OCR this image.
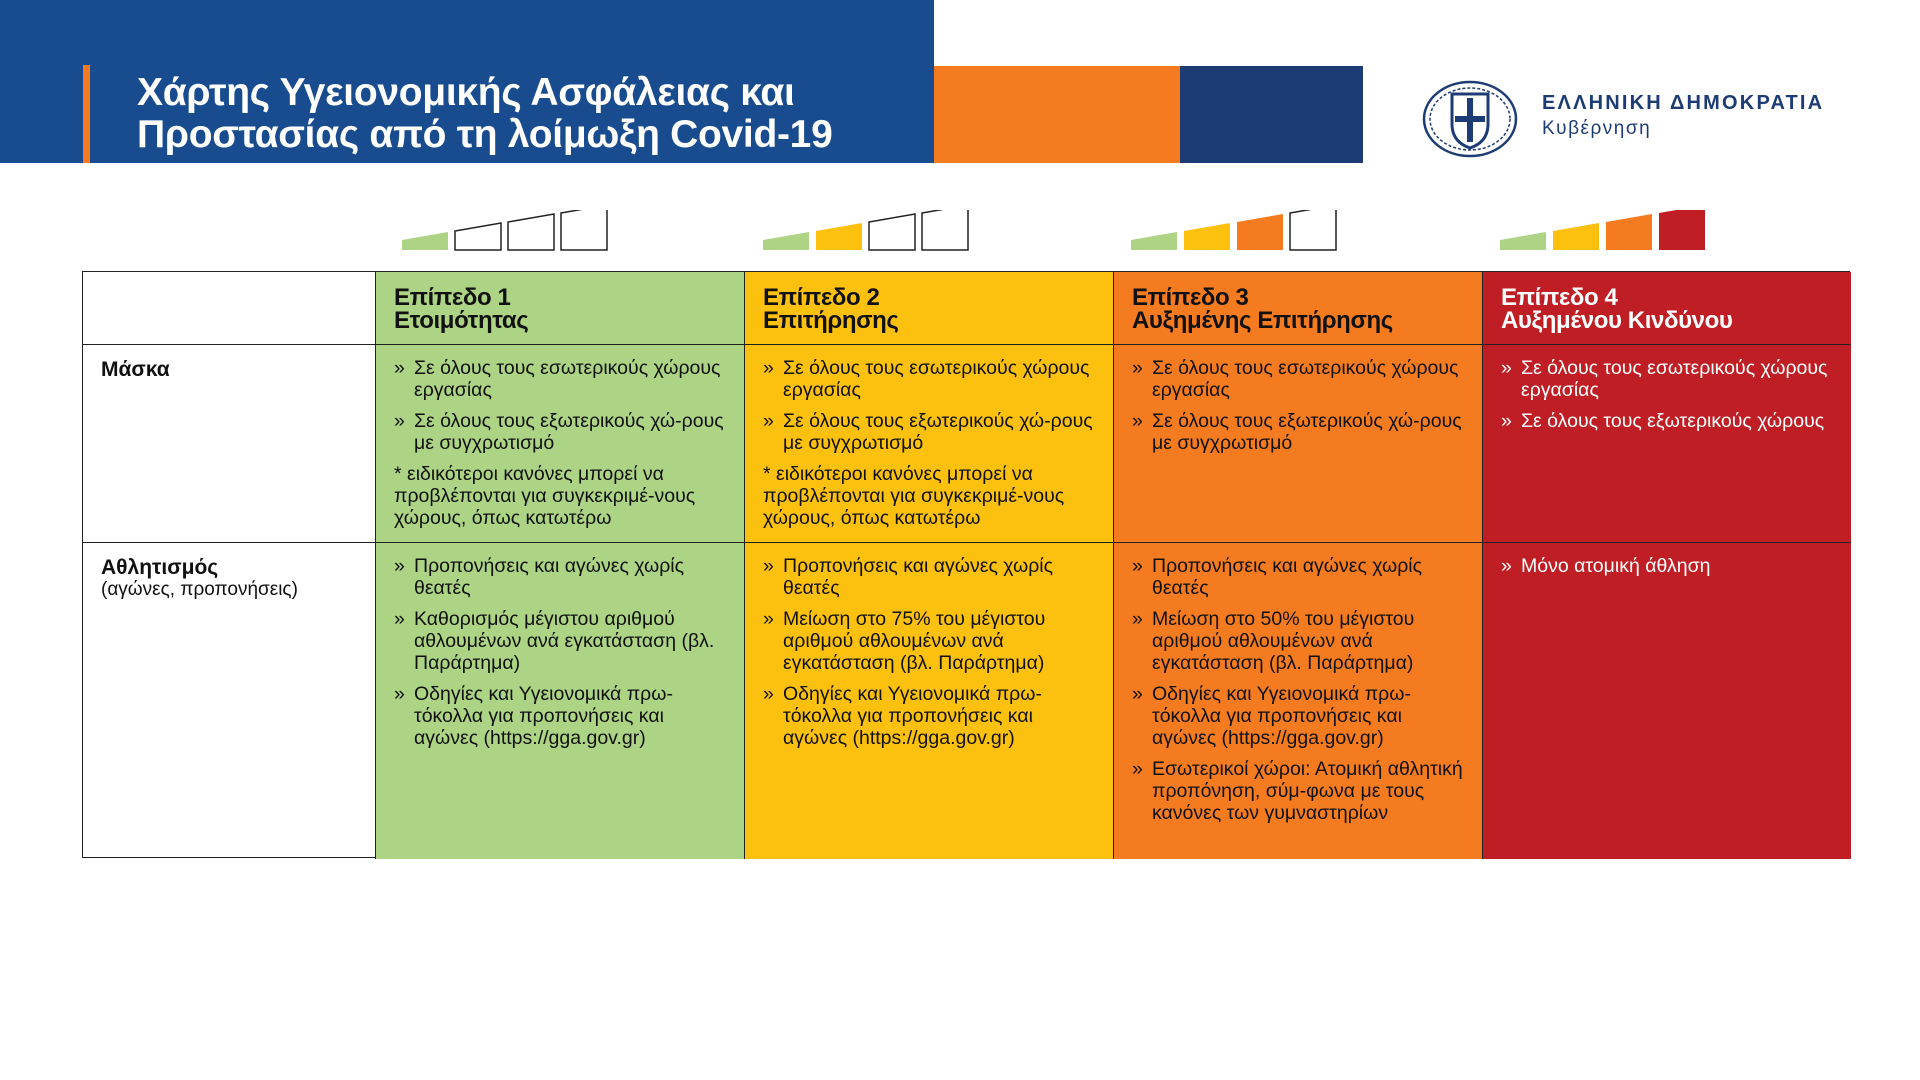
Χάρτης Υγειονομικής Ασφάλειας και
Προστασίας από τη λοίμωξη Covid-19
ΕΛΛΗΝΙΚΗ ΔΗΜΟΚΡΑΤΙΑ
Κυβέρνηση
Επίπεδο 1
Ετοιμότητας
Επίπεδο 2
Επιτήρησης
Επίπεδο 3
Αυξημένης Επιτήρησης
Επίπεδο 4
Αυξημένου Κινδύνου
Μάσκα
»	Σε όλους τους εσωτερικούς χώρους εργασίας
» Σε όλους τους εξωτερικούς χώ-ρους με συγχρωτισμό
* ειδικότεροι κανόνες μπορεί να προβλέπονται για συγκεκριμέ-νους χώρους, όπως κατωτέρω
» Σε όλους τους εσωτερικούς χώρους εργασίας
» Σε όλους τους εξωτερικούς χώ-ρους με συγχρωτισμό
* ειδικότεροι κανόνες μπορεί να προβλέπονται για συγκεκριμέ-νους χώρους, όπως κατωτέρω
» Σε όλους τους εσωτερικούς χώρους εργασίας
» Σε όλους τους εξωτερικούς χώ-ρους με συγχρωτισμό
» Σε όλους τους εσωτερικούς χώρους εργασίας
» Σε όλους τους εξωτερικούς χώρους
Αθλητισμός
(αγώνες, προπονήσεις)
» Προπονήσεις και αγώνες χωρίς θεατές
» Καθορισμός μέγιστου αριθμού αθλουμένων ανά εγκατάσταση (βλ. Παράρτημα)
» Οδηγίες και Υγειονομικά πρω-τόκολλα για προπονήσεις και αγώνες (https://gga.gov.gr)
» Προπονήσεις και αγώνες χωρίς θεατές
» Μείωση στο 75% του μέγιστου αριθμού αθλουμένων ανά εγκατάσταση (βλ. Παράρτημα)
» Οδηγίες και Υγειονομικά πρω-τόκολλα για προπονήσεις και αγώνες (https://gga.gov.gr)
» Προπονήσεις και αγώνες χωρίς θεατές
» Μείωση στο 50% του μέγιστου αριθμού αθλουμένων ανά εγκατάσταση (βλ. Παράρτημα)
» Οδηγίες και Υγειονομικά πρω-τόκολλα για προπονήσεις και αγώνες (https://gga.gov.gr)
» Εσωτερικοί χώροι: Ατομική αθλητική προπόνηση, σύμ-φωνα με τους κανόνες των γυμναστηρίων
» Μόνο ατομική άθληση
